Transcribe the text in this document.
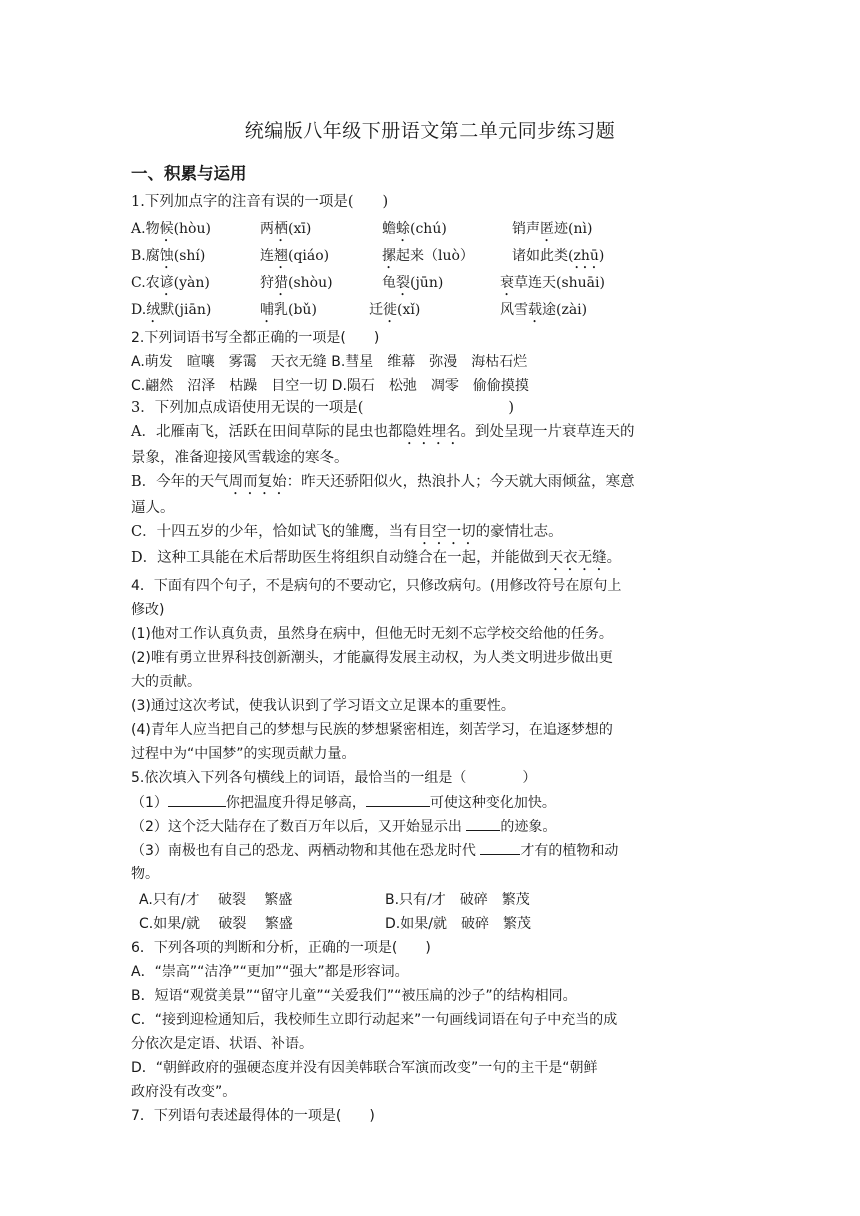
统编版八年级下册语文第二单元同步练习题
一、积累与运用
1.下列加点字的注音有误的一项是(　　)
A.物候(hòu)	两栖(xī)	蟾蜍(chú)	销声匿迹(nì)
B.腐蚀(shí)	连翘(qiáo)	摞起来（luò）	诸如此类(zhū)
C.农谚(yàn)	狩猎(shòu)	龟裂(jūn)	衰草连天(shuāi)
D.绒默(jiān)	哺乳(bǔ)	迁徙(xǐ)	风雪载途(zài)
2.下列词语书写全都正确的一项是(　　)
A.萌发　暄嚷　雾霭　天衣无缝 B.彗星　维幕　弥漫　海枯石烂
C.翩然　沼泽　枯躁　目空一切 D.陨石　松弛　凋零　偷偷摸摸
3．下列加点成语使用无误的一项是(　　　　　　　　　　)
A．北雁南飞，活跃在田间草际的昆虫也都隐姓埋名。到处呈现一片衰草连天的
景象，准备迎接风雪载途的寒冬。
B．今年的天气周而复始：昨天还骄阳似火，热浪扑人；今天就大雨倾盆，寒意
逼人。
C．十四五岁的少年，恰如试飞的雏鹰，当有目空一切的豪情壮志。
D．这种工具能在术后帮助医生将组织自动缝合在一起，并能做到天衣无缝。
4．下面有四个句子，不是病句的不要动它，只修改病句。(用修改符号在原句上
修改)
(1)他对工作认真负责，虽然身在病中，但他无时无刻不忘学校交给他的任务。
(2)唯有勇立世界科技创新潮头，才能赢得发展主动权，为人类文明进步做出更
大的贡献。
(3)通过这次考试，使我认识到了学习语文立足课本的重要性。
(4)青年人应当把自己的梦想与民族的梦想紧密相连，刻苦学习，在追逐梦想的
过程中为“中国梦”的实现贡献力量。
5.依次填入下列各句横线上的词语，最恰当的一组是（　　　　）
（1）	你把温度升得足够高，	可使这种变化加快。
（2）这个泛大陆存在了数百万年以后，又开始显示出 的迹象。
（3）南极也有自己的恐龙、两栖动物和其他在恐龙时代	才有的植物和动
物。
A.只有/才　 破裂　 繁盛	B.只有/才　破碎　繁茂
C.如果/就　 破裂　 繁盛	D.如果/就　破碎　繁茂
6．下列各项的判断和分析，正确的一项是(　　)
A．“崇高”“洁净”“更加”“强大”都是形容词。
B．短语“观赏美景”“留守儿童”“关爱我们”“被压扁的沙子”的结构相同。
C．“接到迎检通知后，我校师生立即行动起来”一句画线词语在句子中充当的成
分依次是定语、状语、补语。
D．“朝鲜政府的强硬态度并没有因美韩联合军演而改变”一句的主干是“朝鲜
政府没有改变”。
7．下列语句表述最得体的一项是(　　)
